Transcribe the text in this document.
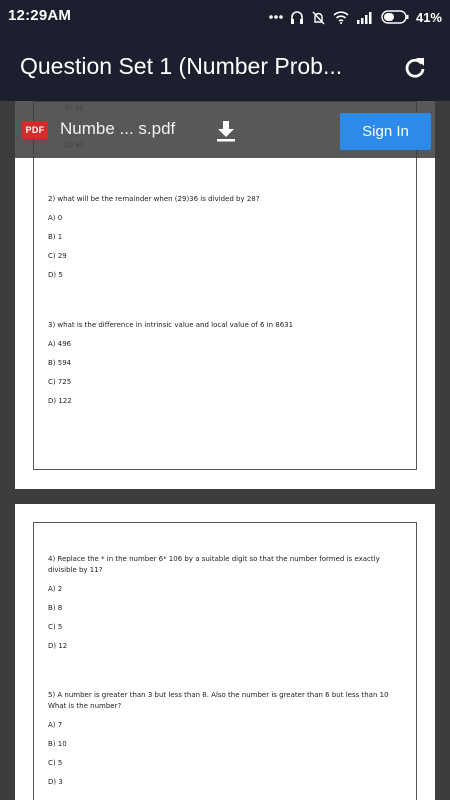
12:29AM	41%
Question Set 1 (Number Prob...
2) what will be the remainder when (29)36 is divided by 28?
A) 0
B) 1
C) 29
D) 5
3) what is the difference in intrinsic value and local value of 6 in 8631
A) 496
B) 594
C) 725
D) 122
4) Replace the * in the number 6* 106 by a suitable digit so that the number formed is exactly divisible by 11?
A) 2
B) 8
C) 5
D) 12
5) A number is greater than 3 but less than 8. Also the number is greater than 6 but less than 10 What is the number?
A) 7
B) 10
C) 5
D) 3
PDF Numbe ... s.pdf	Sign In
